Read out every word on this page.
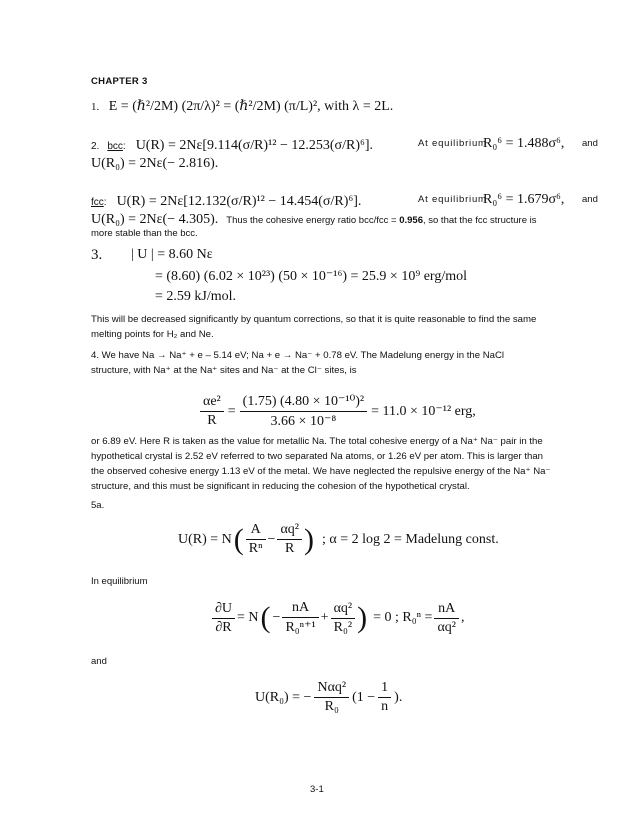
CHAPTER 3
1. E = (ℏ²/2M) (2π/λ)² = (ℏ²/2M) (π/L)², with λ = 2L.
2. bcc: U(R) = 2Nε[9.114(σ/R)¹² − 12.253(σ/R)⁶].	At equilibrium
R₀⁶ = 1.488σ⁶, and
U(R₀) = 2Nε(− 2.816).
fcc: U(R) = 2Nε[12.132(σ/R)¹² − 14.454(σ/R)⁶].	At equilibrium
R₀⁶ = 1.679σ⁶, and
U(R₀) = 2Nε(− 4.305). Thus the cohesive energy ratio bcc/fcc = 0.956, so that the fcc structure is
more stable than the bcc.
3. | U | = 8.60 Nε
= (8.60) (6.02 × 10²³) (50 × 10⁻¹⁶) = 25.9 × 10⁹ erg/mol
= 2.59 kJ/mol.
This will be decreased significantly by quantum corrections, so that it is quite reasonable to find the same
melting points for H₂ and Ne.
4. We have Na → Na⁺ + e – 5.14 eV; Na + e → Na⁻ + 0.78 eV. The Madelung energy in the NaCl
structure, with Na⁺ at the Na⁺ sites and Na⁻ at the Cl⁻ sites, is
$\frac{\text{αe²}}{R} = \frac{\text{(1.75) (4.80 × 10⁻¹⁰)²}}{\text{3.66 × 10⁻⁸}} = 11.0 \times 10^{-12}$ erg,
or 6.89 eV. Here R is taken as the value for metallic Na. The total cohesive energy of a Na⁺ Na⁻ pair in the
hypothetical crystal is 2.52 eV referred to two separated Na atoms, or 1.26 eV per atom. This is larger than
the observed cohesive energy 1.13 eV of the metal. We have neglected the repulsive energy of the Na⁺ Na⁻
structure, and this must be significant in reducing the cohesion of the hypothetical crystal.
5a.
U(R) = N ( $\frac{A}{\text{Rⁿ}} - \frac{\text{αq²}}{R}$ ) ; α = 2 log 2 = Madelung const.
In equilibrium
$\frac{\partial U}{\partial R} = N$ ( − $\frac{nA}{\text{R₀ⁿ⁺¹}} + \frac{\text{αq²}}{\text{R₀²}}$ ) = 0 ; $R_0^n = \frac{nA}{\text{αq²}}$ ,
and
U(R₀) = − $\frac{\text{Nαq²}}{\text{R₀}} (1 - \frac{1}{n}$ ).
3-1
